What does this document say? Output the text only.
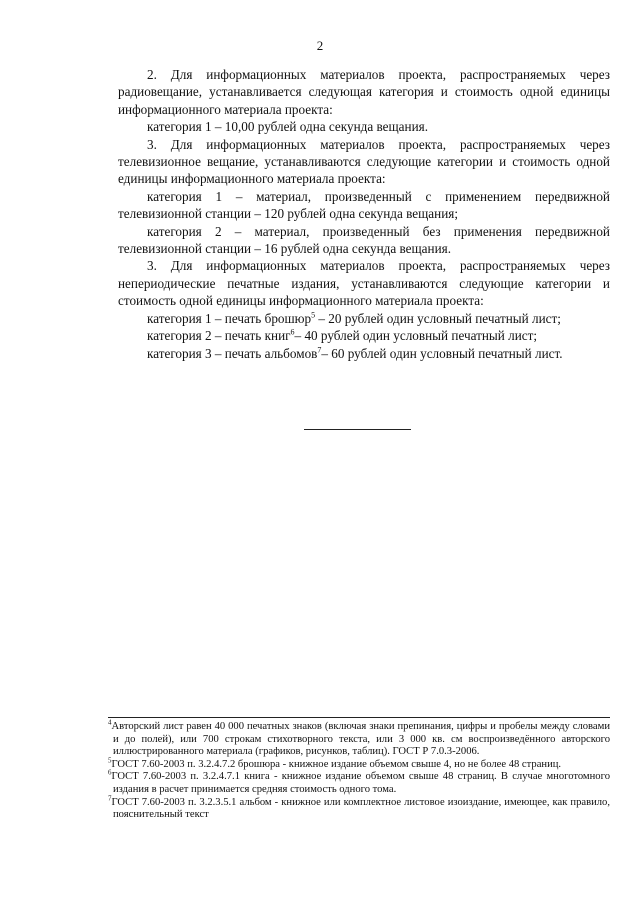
2

2. Для информационных материалов проекта, распространяемых через радиовещание, устанавливается следующая категория и стоимость одной единицы информационного материала проекта:

категория 1 – 10,00 рублей одна секунда вещания.

3. Для информационных материалов проекта, распространяемых через телевизионное вещание, устанавливаются следующие категории и стоимость одной единицы информационного материала проекта:

категория 1 – материал, произведенный с применением передвижной телевизионной станции – 120 рублей одна секунда вещания;

категория 2 – материал, произведенный без применения передвижной телевизионной станции – 16 рублей одна секунда вещания.

3. Для информационных материалов проекта, распространяемых через непериодические печатные издания, устанавливаются следующие категории и стоимость одной единицы информационного материала проекта:

категория 1 – печать брошюр$^5$ – 20 рублей один условный печатный лист;

категория 2 – печать книг$^6$– 40 рублей один условный печатный лист;

категория 3 – печать альбомов$^7$– 60 рублей один условный печатный лист.

$^4$Авторский лист равен 40 000 печатных знаков (включая знаки препинания, цифры и пробелы между словами и до полей), или 700 строкам стихотворного текста, или 3 000 кв. см воспроизведённого авторского иллюстрированного материала (графиков, рисунков, таблиц). ГОСТ Р 7.0.3-2006.

$^5$ГОСТ 7.60-2003 п. 3.2.4.7.2 брошюра - книжное издание объемом свыше 4, но не более 48 страниц.

$^6$ГОСТ 7.60-2003 п. 3.2.4.7.1 книга - книжное издание объемом свыше 48 страниц. В случае многотомного издания в расчет принимается средняя стоимость одного тома.

$^7$ГОСТ 7.60-2003 п. 3.2.3.5.1 альбом - книжное или комплектное листовое изоиздание, имеющее, как правило, пояснительный текст
